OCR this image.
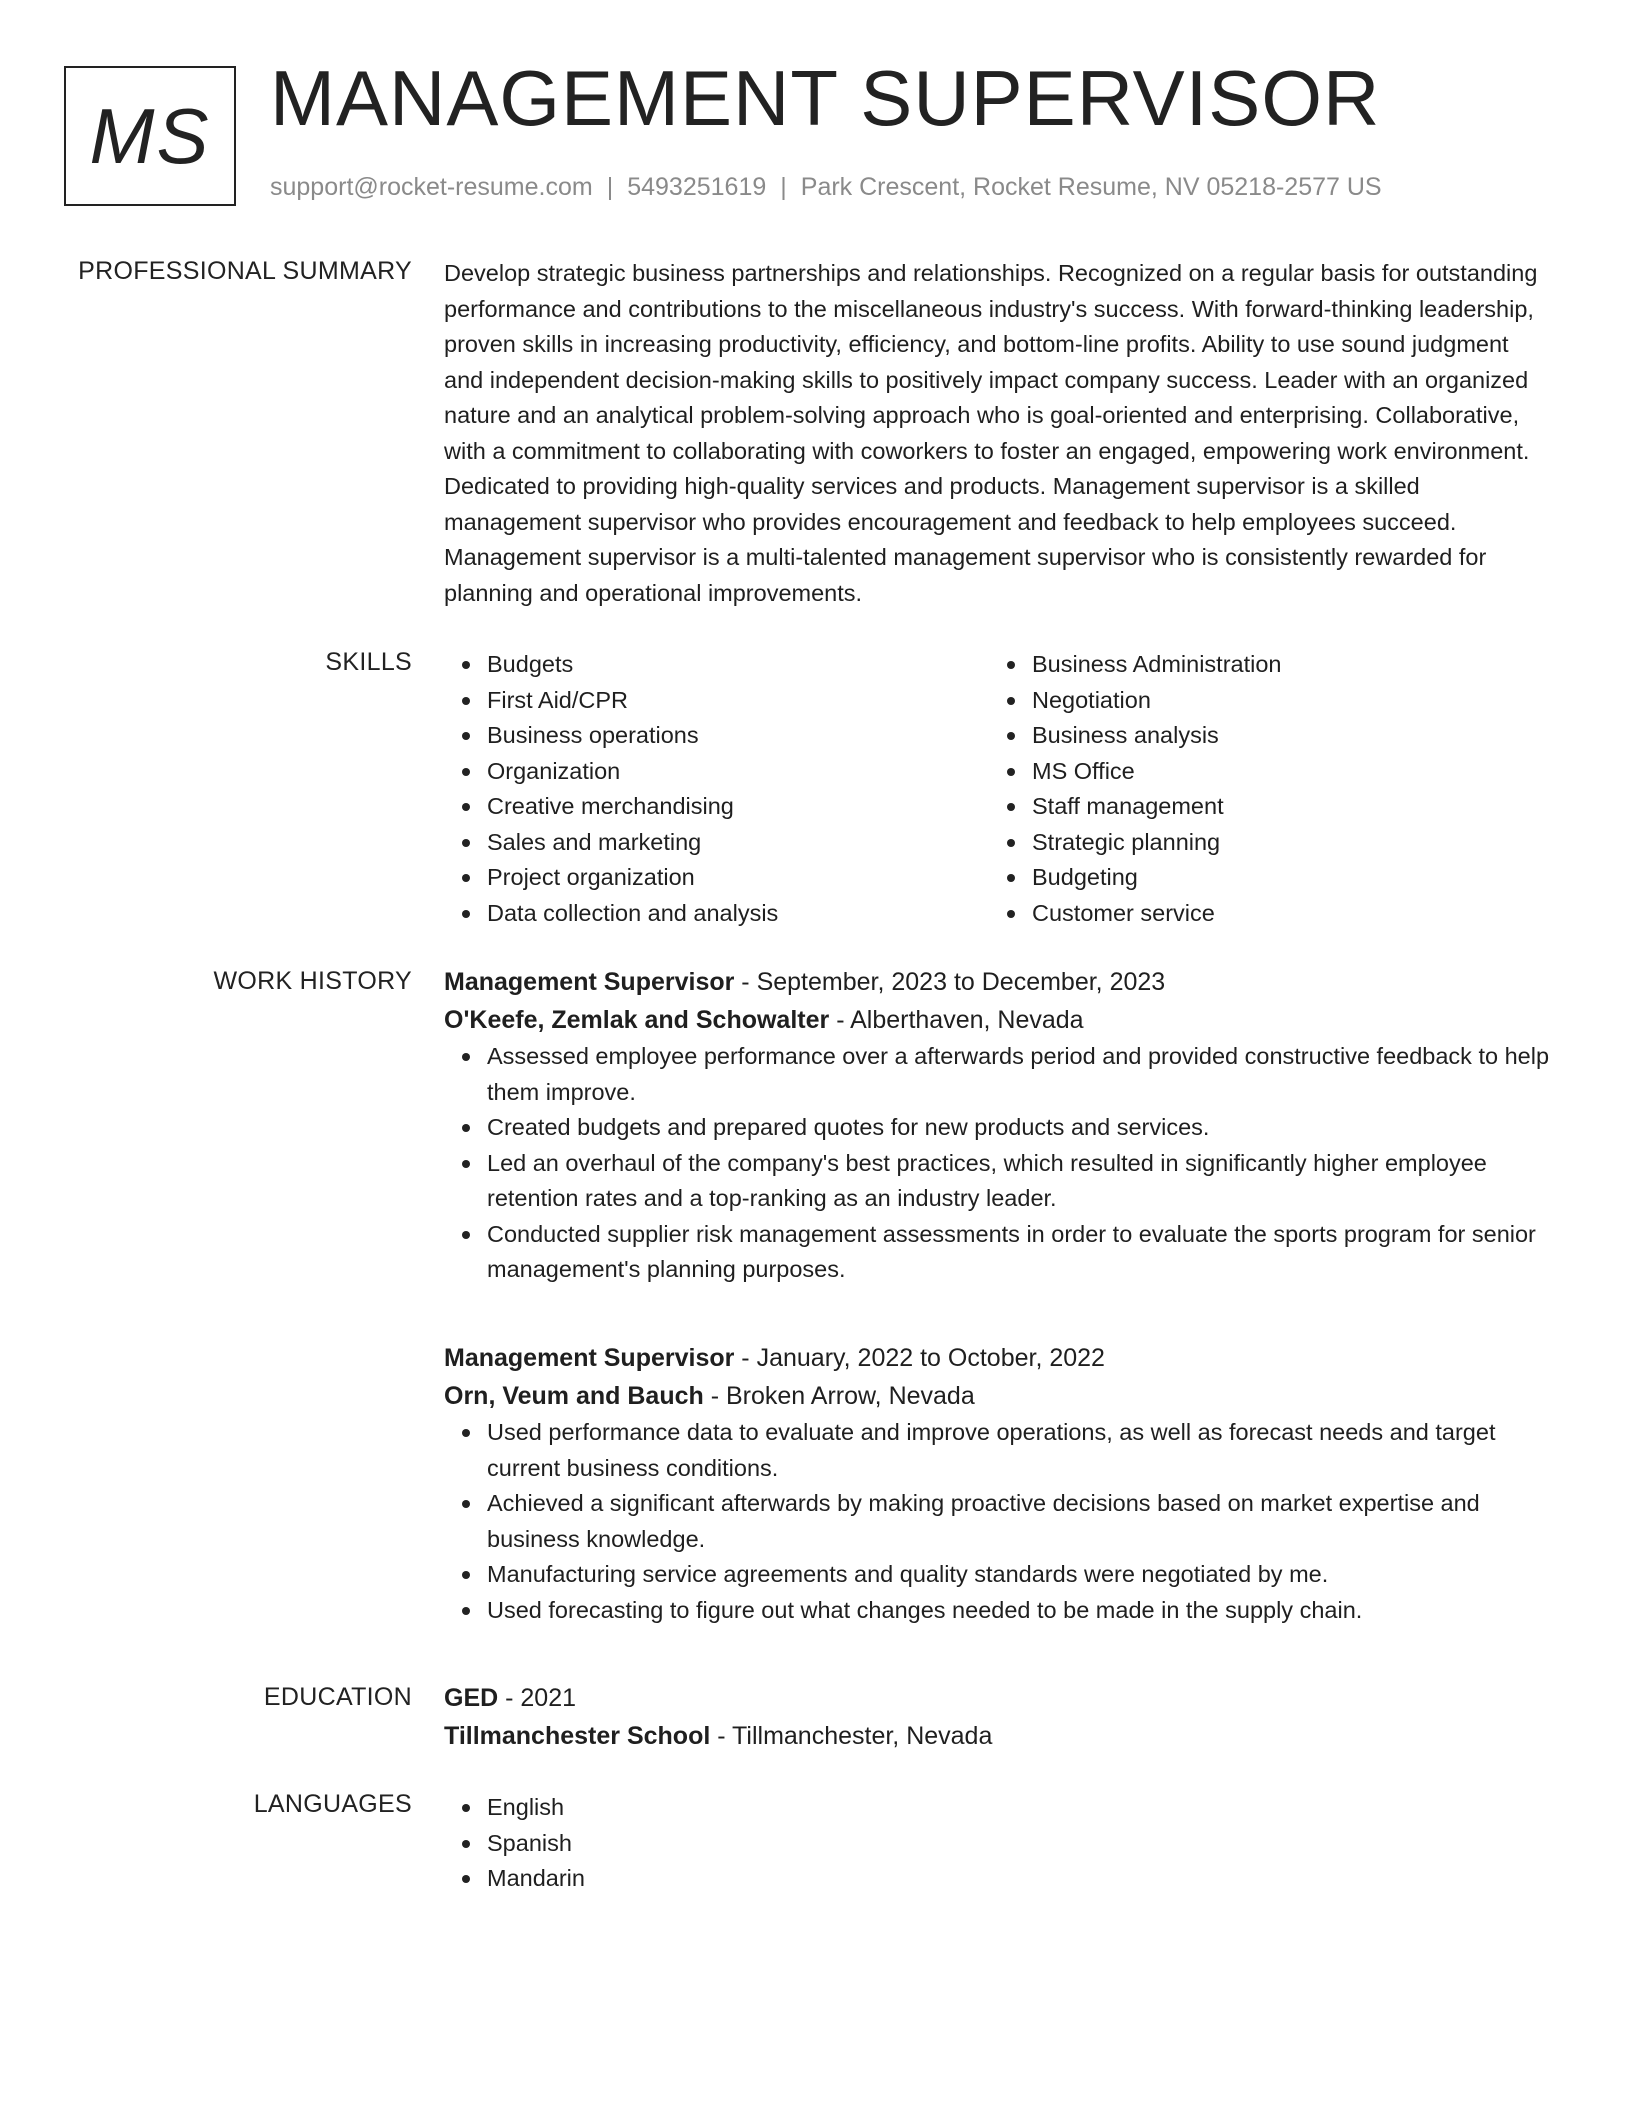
MS MANAGEMENT SUPERVISOR
support@rocket-resume.com | 5493251619 | Park Crescent, Rocket Resume, NV 05218-2577 US
PROFESSIONAL SUMMARY Develop strategic business partnerships and relationships. Recognized on a regular basis for outstanding performance and contributions to the miscellaneous industry's success. With forward-thinking leadership, proven skills in increasing productivity, efficiency, and bottom-line profits. Ability to use sound judgment and independent decision-making skills to positively impact company success. Leader with an organized nature and an analytical problem-solving approach who is goal-oriented and enterprising. Collaborative, with a commitment to collaborating with coworkers to foster an engaged, empowering work environment. Dedicated to providing high-quality services and products. Management supervisor is a skilled management supervisor who provides encouragement and feedback to help employees succeed. Management supervisor is a multi-talented management supervisor who is consistently rewarded for planning and operational improvements.
SKILLS	Budgets
First Aid/CPR
Business operations
Organization
Creative merchandising
Sales and marketing
Project organization
Data collection and analysis
Business Administration
Negotiation
Business analysis
MS Office
Staff management
Strategic planning
Budgeting
Customer service
WORK HISTORY Management Supervisor - September, 2023 to December, 2023
O'Keefe, Zemlak and Schowalter - Alberthaven, Nevada
Assessed employee performance over a afterwards period and provided constructive feedback to help them improve.
Created budgets and prepared quotes for new products and services.
Led an overhaul of the company's best practices, which resulted in significantly higher employee retention rates and a top-ranking as an industry leader.
Conducted supplier risk management assessments in order to evaluate the sports program for senior management's planning purposes.
Management Supervisor - January, 2022 to October, 2022
Orn, Veum and Bauch - Broken Arrow, Nevada
Used performance data to evaluate and improve operations, as well as forecast needs and target current business conditions.
Achieved a significant afterwards by making proactive decisions based on market expertise and business knowledge.
Manufacturing service agreements and quality standards were negotiated by me.
Used forecasting to figure out what changes needed to be made in the supply chain.
EDUCATION GED - 2021
Tillmanchester School - Tillmanchester, Nevada
LANGUAGES	English
Spanish
Mandarin
